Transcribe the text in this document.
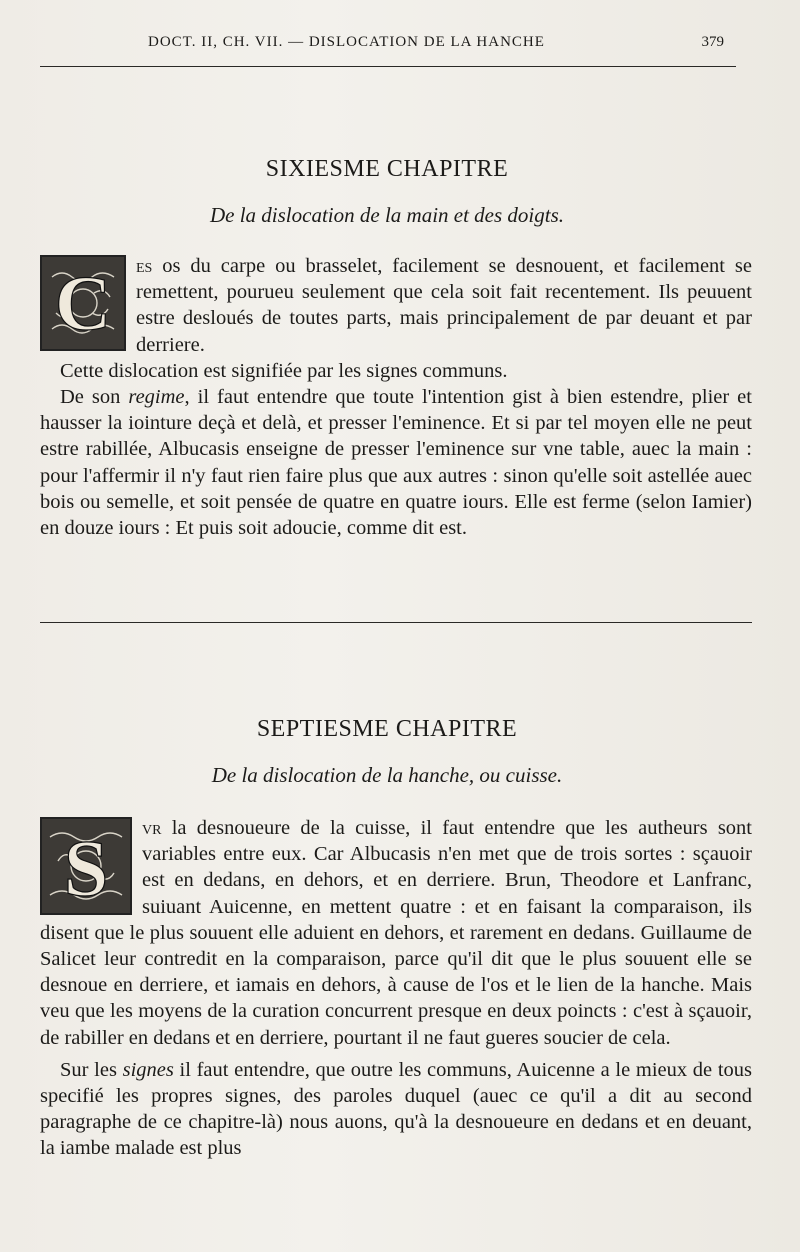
DOCT. II, CH. VII. — DISLOCATION DE LA HANCHE	379
SIXIESME CHAPITRE
De la dislocation de la main et des doigts.

C es os du carpe ou brasselet, facilement se desnouent, et facilement se remettent, pourueu seulement que cela soit fait recentement. Ils peuuent estre desloués de toutes parts, mais principalement de par deuant et par derriere.

Cette dislocation est signifiée par les signes communs.

De son regime, il faut entendre que toute l'intention gist à bien estendre, plier et hausser la iointure deçà et delà, et presser l'eminence. Et si par tel moyen elle ne peut estre rabillée, Albucasis enseigne de presser l'eminence sur vne table, auec la main : pour l'affermir il n'y faut rien faire plus que aux autres : sinon qu'elle soit astellée auec bois ou semelle, et soit pensée de quatre en quatre iours. Elle est ferme (selon Iamier) en douze iours : Et puis soit adoucie, comme dit est.

SEPTIESME CHAPITRE
De la dislocation de la hanche, ou cuisse.

S vr la desnoueure de la cuisse, il faut entendre que les autheurs sont variables entre eux. Car Albucasis n'en met que de trois sortes : sçauoir est en dedans, en dehors, et en derriere. Brun, Theodore et Lanfranc, suiuant Auicenne, en mettent quatre : et en faisant la comparaison, ils disent que le plus souuent elle aduient en dehors, et rarement en dedans. Guillaume de Salicet leur contredit en la comparaison, parce qu'il dit que le plus souuent elle se desnoue en derriere, et iamais en dehors, à cause de l'os et le lien de la hanche. Mais veu que les moyens de la curation concurrent presque en deux poincts : c'est à sçauoir, de rabiller en dedans et en derriere, pourtant il ne faut gueres soucier de cela.

Sur les signes il faut entendre, que outre les communs, Auicenne a le mieux de tous specifié les propres signes, des paroles duquel (auec ce qu'il a dit au second paragraphe de ce chapitre-là) nous auons, qu'à la desnoueure en dedans et en deuant, la iambe malade est plus
